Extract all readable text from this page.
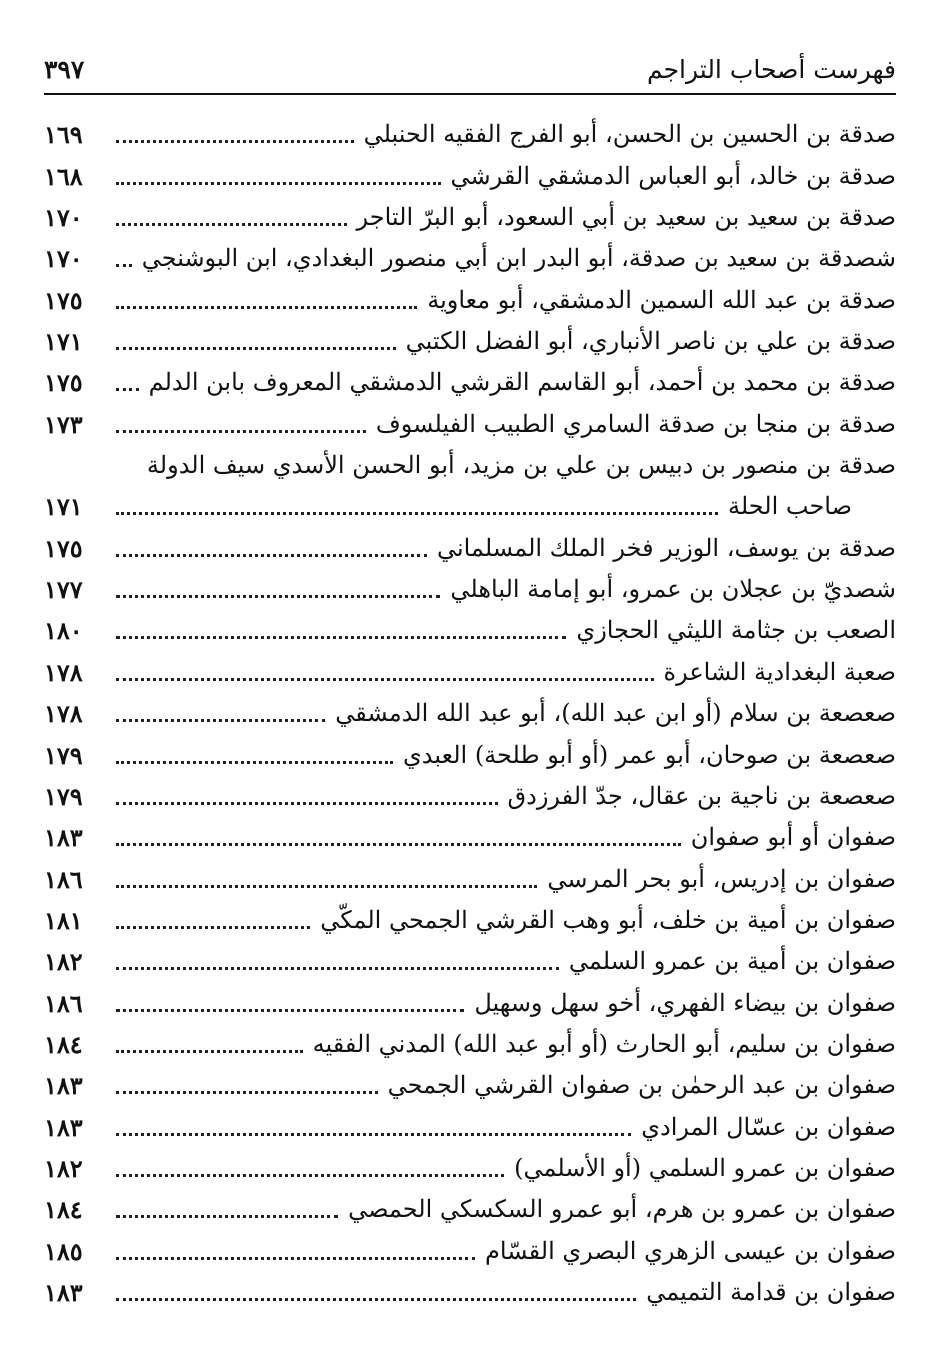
فهرست أصحاب التراجم
٣٩٧
صدقة بن الحسين بن الحسن، أبو الفرج الفقيه الحنبلي
١٦٩
صدقة بن خالد، أبو العباس الدمشقي القرشي
١٦٨
صدقة بن سعيد بن سعيد بن أبي السعود، أبو البرّ التاجر
١٧٠
شصدقة بن سعيد بن صدقة، أبو البدر ابن أبي منصور البغدادي، ابن البوشنجي
١٧٠
صدقة بن عبد الله السمين الدمشقي، أبو معاوية
١٧٥
صدقة بن علي بن ناصر الأنباري، أبو الفضل الكتبي
١٧١
صدقة بن محمد بن أحمد، أبو القاسم القرشي الدمشقي المعروف بابن الدلم
١٧٥
صدقة بن منجا بن صدقة السامري الطبيب الفيلسوف
١٧٣
صدقة بن منصور بن دبيس بن علي بن مزيد، أبو الحسن الأسدي سيف الدولة
صاحب الحلة
١٧١
صدقة بن يوسف، الوزير فخر الملك المسلماني
١٧٥
شصديّ بن عجلان بن عمرو، أبو إمامة الباهلي
١٧٧
الصعب بن جثامة الليثي الحجازي
١٨٠
صعبة البغدادية الشاعرة
١٧٨
صعصعة بن سلام (أو ابن عبد الله)، أبو عبد الله الدمشقي
١٧٨
صعصعة بن صوحان، أبو عمر (أو أبو طلحة) العبدي
١٧٩
صعصعة بن ناجية بن عقال، جدّ الفرزدق
١٧٩
صفوان أو أبو صفوان
١٨٣
صفوان بن إدريس، أبو بحر المرسي
١٨٦
صفوان بن أمية بن خلف، أبو وهب القرشي الجمحي المكّي
١٨١
صفوان بن أمية بن عمرو السلمي
١٨٢
صفوان بن بيضاء الفهري، أخو سهل وسهيل
١٨٦
صفوان بن سليم، أبو الحارث (أو أبو عبد الله) المدني الفقيه
١٨٤
صفوان بن عبد الرحمٰن بن صفوان القرشي الجمحي
١٨٣
صفوان بن عسّال المرادي
١٨٣
صفوان بن عمرو السلمي (أو الأسلمي)
١٨٢
صفوان بن عمرو بن هرم، أبو عمرو السكسكي الحمصي
١٨٤
صفوان بن عيسى الزهري البصري القسّام
١٨٥
صفوان بن قدامة التميمي
١٨٣
